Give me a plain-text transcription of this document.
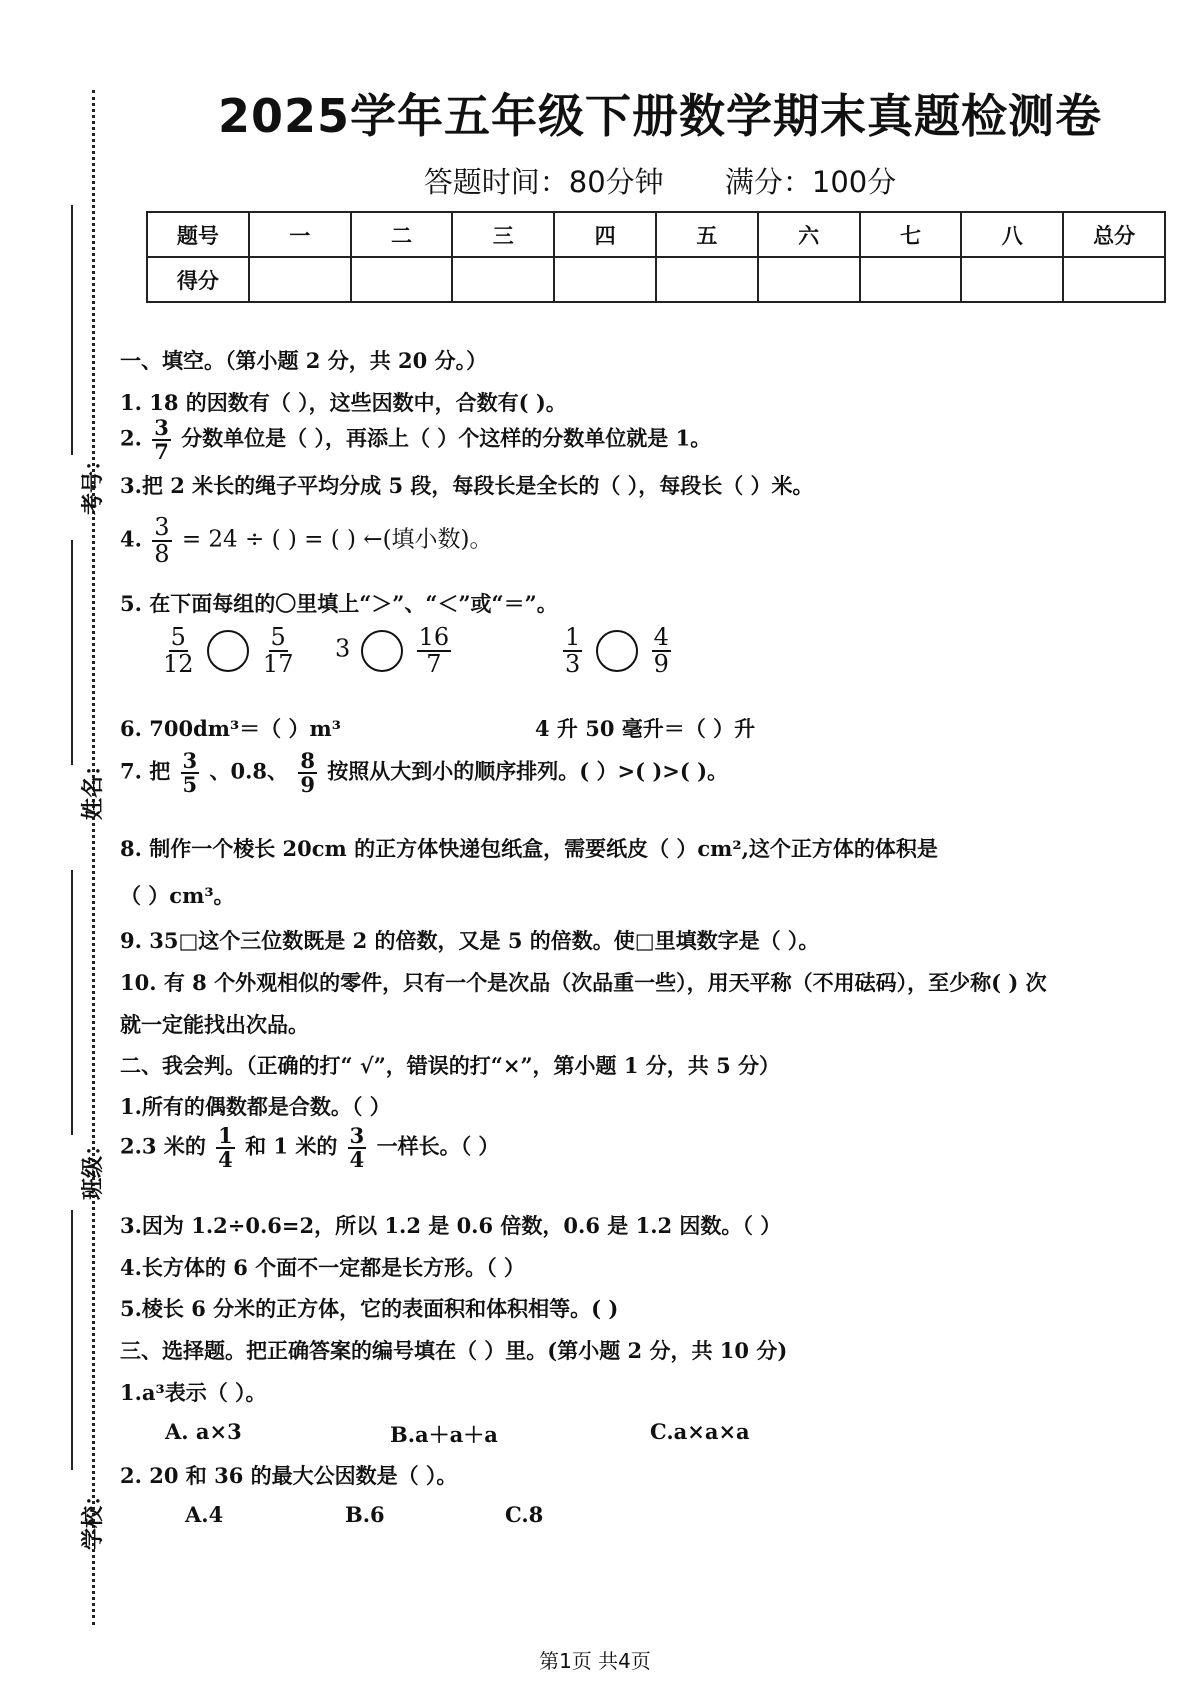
考号：
姓名：
班级：
学校：
2025学年五年级下册数学期末真题检测卷
答题时间：80分钟 满分：100分
题号	一	二	三	四	五	六	七	八	总分
得分									
一、填空。（第小题 2 分，共 20 分。）
1. 18 的因数有（ ），这些因数中，合数有( )。
2. $\frac{3}{7}$ 分数单位是（ ），再添上（ ）个这样的分数单位就是 1。
3.把 2 米长的绳子平均分成 5 段，每段长是全长的（ ），每段长（ ）米。
4. $\frac{3}{8} = 24$ ÷ ( ) = ( ) ←(填小数)。
5. 在下面每组的〇里填上“＞”、“＜”或“＝”。
$\frac{5}{12}$
	$\frac{5}{17} 3$	$\frac{16}{7}$	$\frac{1}{3}$
	$\frac{4}{9}$
6. 700dm³＝（ ）m³	4 升 50 毫升＝（ ）升
7. 把 $\frac{3}{5}$ 、0.8、 $\frac{8}{9}$ 按照从大到小的顺序排列。( ）>( )>( )。
8. 制作一个棱长 20cm 的正方体快递包纸盒，需要纸皮（ ）cm²,这个正方体的体积是
（ ）cm³。
9. 35□这个三位数既是 2 的倍数，又是 5 的倍数。使□里填数字是（ ）。
10. 有 8 个外观相似的零件，只有一个是次品（次品重一些），用天平称（不用砝码），至少称( ) 次
就一定能找出次品。
二、我会判。（正确的打“ √”，错误的打“×”，第小题 1 分，共 5 分）
1.所有的偶数都是合数。（ ）
2.3 米的 $\frac{1}{4}$ 和 1 米的 $\frac{3}{4}$ 一样长。（ ）
3.因为 1.2÷0.6=2，所以 1.2 是 0.6 倍数，0.6 是 1.2 因数。（ ）
4.长方体的 6 个面不一定都是长方形。（ ）
5.棱长 6 分米的正方体，它的表面积和体积相等。( )
三、选择题。把正确答案的编号填在（ ）里。(第小题 2 分，共 10 分)
1.a³表示（ ）。
A. a×3	B.a＋a＋a	C.a×a×a
2. 20 和 36 的最大公因数是（ ）。
A.4	B.6	C.8
第1页 共4页
